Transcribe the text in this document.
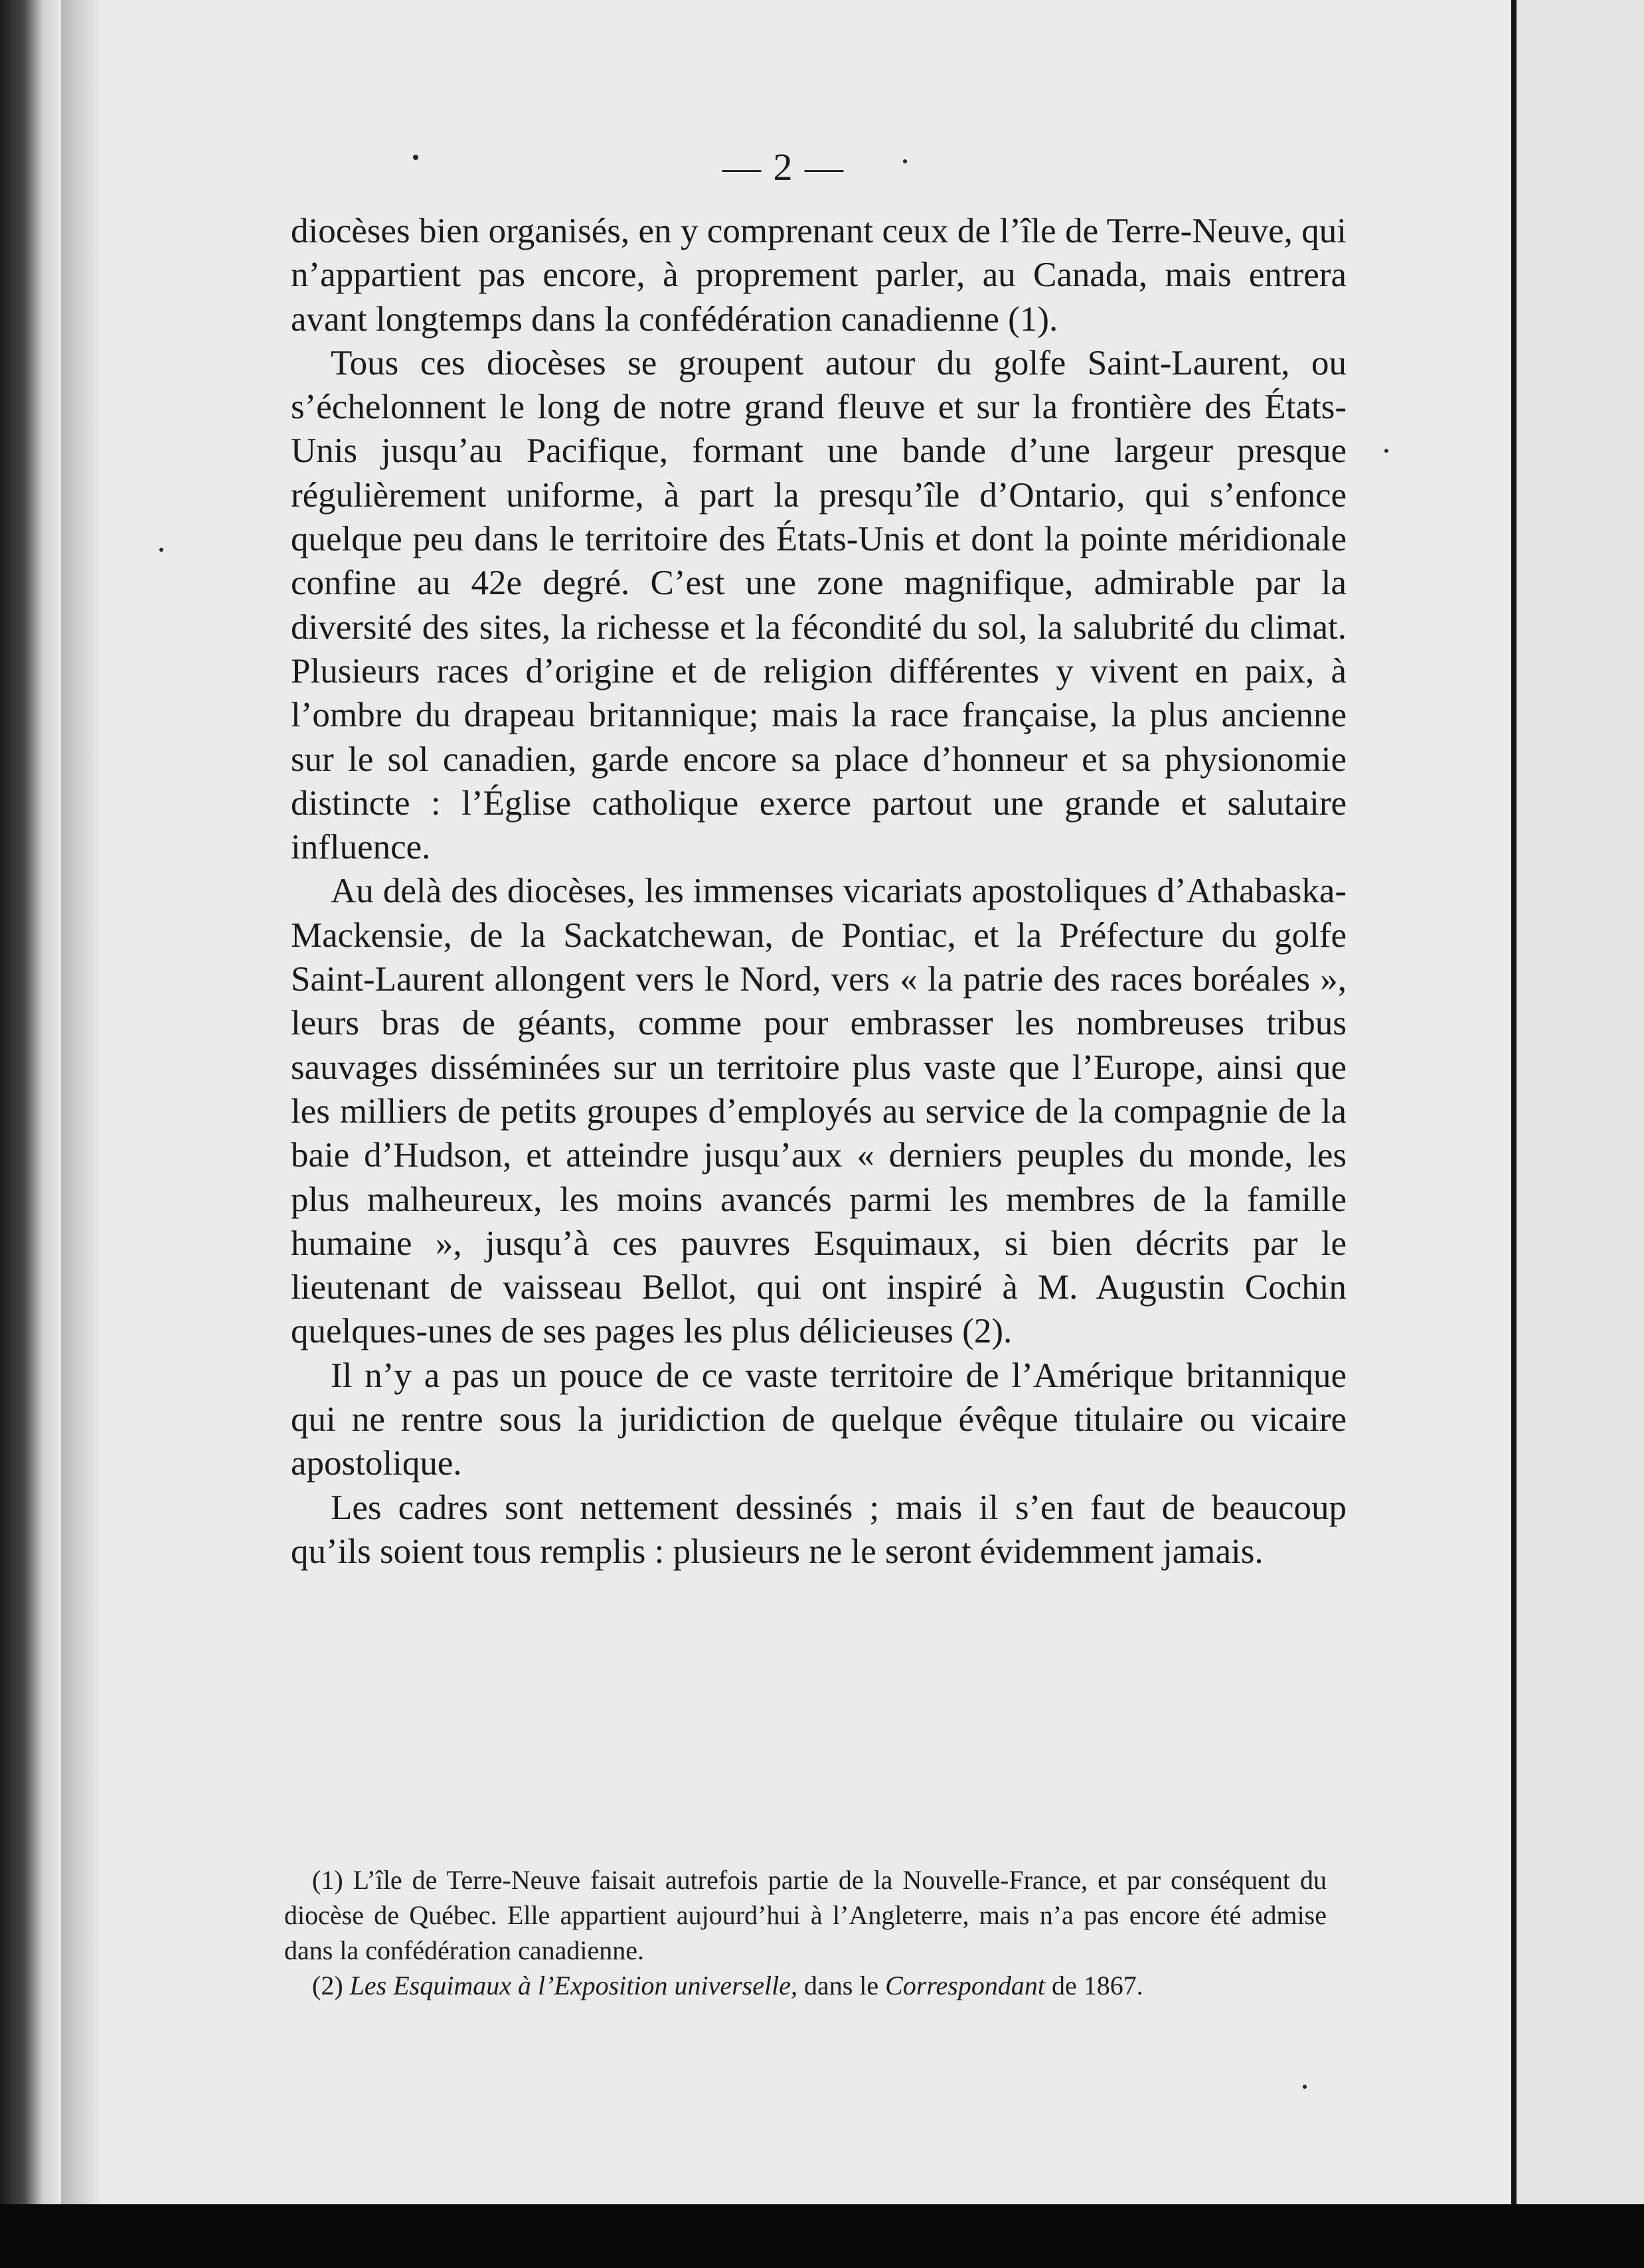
— 2 —

diocèses bien organisés, en y comprenant ceux de l’île de Terre-Neuve, qui n’appartient pas encore, à proprement parler, au Canada, mais entrera avant longtemps dans la confédération canadienne (1).

Tous ces diocèses se groupent autour du golfe Saint-Laurent, ou s’échelonnent le long de notre grand fleuve et sur la frontière des États-Unis jusqu’au Pacifique, formant une bande d’une largeur presque régulièrement uniforme, à part la presqu’île d’Ontario, qui s’enfonce quelque peu dans le territoire des États-Unis et dont la pointe méridionale confine au 42e degré. C’est une zone magnifique, admirable par la diversité des sites, la richesse et la fécondité du sol, la salubrité du climat. Plusieurs races d’origine et de religion différentes y vivent en paix, à l’ombre du drapeau britannique; mais la race française, la plus ancienne sur le sol canadien, garde encore sa place d’honneur et sa physionomie distincte : l’Église catholique exerce partout une grande et salutaire influence.

Au delà des diocèses, les immenses vicariats apostoliques d’Athabaska-Mackensie, de la Sackatchewan, de Pontiac, et la Préfecture du golfe Saint-Laurent allongent vers le Nord, vers « la patrie des races boréales », leurs bras de géants, comme pour embrasser les nombreuses tribus sauvages disséminées sur un territoire plus vaste que l’Europe, ainsi que les milliers de petits groupes d’employés au service de la compagnie de la baie d’Hudson, et atteindre jusqu’aux « derniers peuples du monde, les plus malheureux, les moins avancés parmi les membres de la famille humaine », jusqu’à ces pauvres Esquimaux, si bien décrits par le lieutenant de vaisseau Bellot, qui ont inspiré à M. Augustin Cochin quelques-unes de ses pages les plus délicieuses (2).

Il n’y a pas un pouce de ce vaste territoire de l’Amérique britannique qui ne rentre sous la juridiction de quelque évêque titulaire ou vicaire apostolique.

Les cadres sont nettement dessinés ; mais il s’en faut de beaucoup qu’ils soient tous remplis : plusieurs ne le seront évidemment jamais.

(1) L’île de Terre-Neuve faisait autrefois partie de la Nouvelle-France, et par conséquent du diocèse de Québec. Elle appartient aujourd’hui à l’Angleterre, mais n’a pas encore été admise dans la confédération canadienne.

(2) Les Esquimaux à l’Exposition universelle, dans le Correspondant de 1867.
